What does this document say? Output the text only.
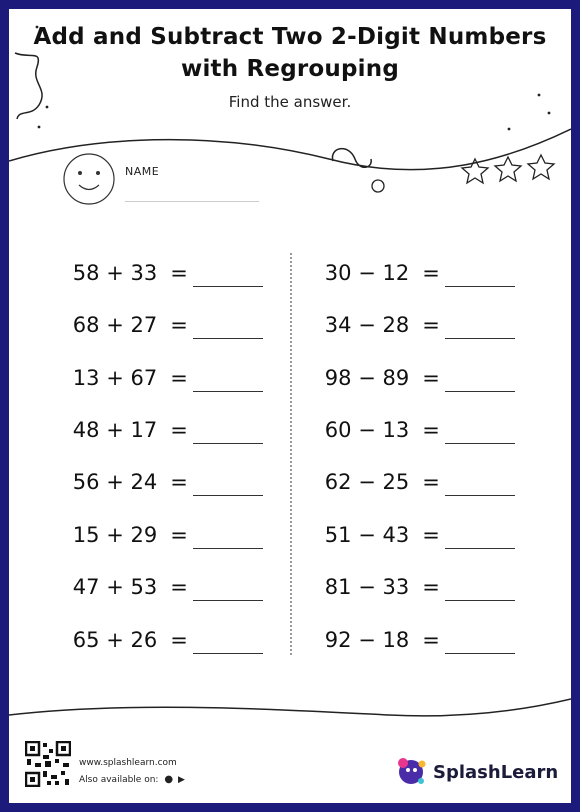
Add and Subtract Two 2-Digit Numbers
with Regrouping
Find the answer.
NAME
58 + 33 =
68 + 27 =
13 + 67 =
48 + 17 =
56 + 24 =
15 + 29 =
47 + 53 =
65 + 26 =
30 − 12 =
34 − 28 =
98 − 89 =
60 − 13 =
62 − 25 =
51 − 43 =
81 − 33 =
92 − 18 =
www.splashlearn.com
Also available on: ● ▶	SplashLearn
